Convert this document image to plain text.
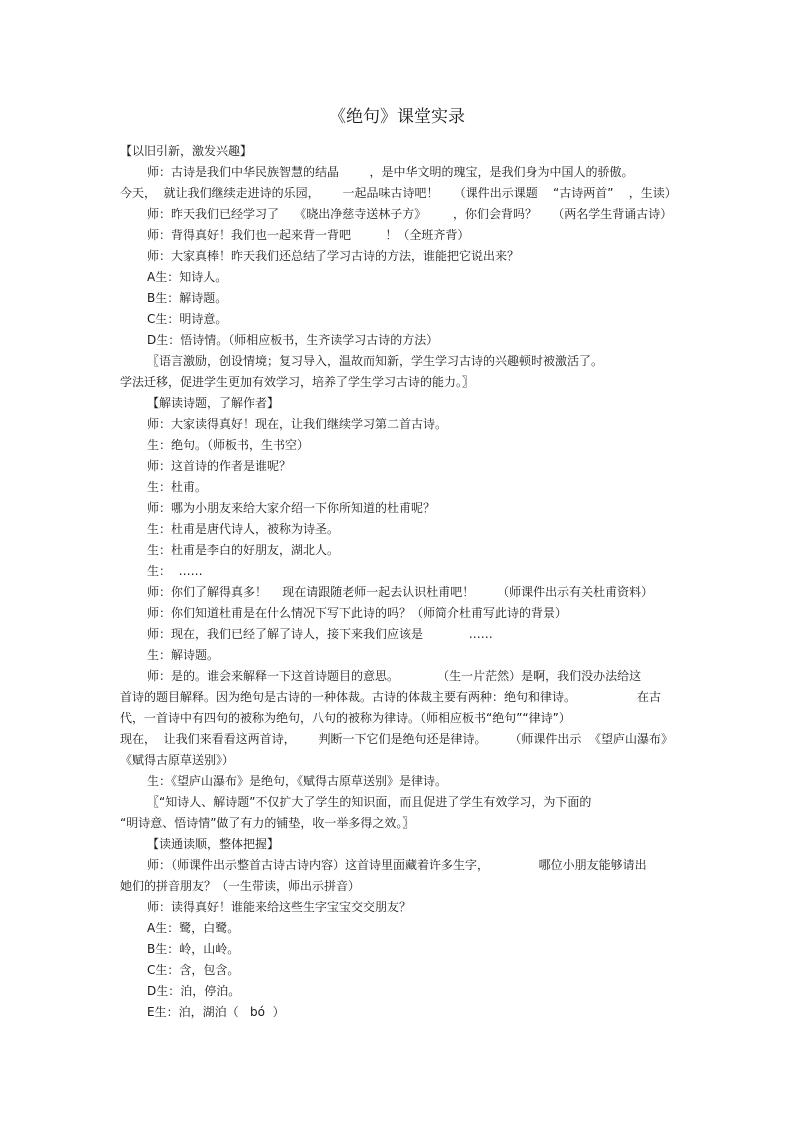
《绝句》课堂实录
【以旧引新，激发兴趣】
师：古诗是我们中华民族智慧的结晶        ，是中华文明的瑰宝，是我们身为中国人的骄傲。
今天，  就让我们继续走进诗的乐园，      一起品味古诗吧！    （课件出示课题    “古诗两首”    ，生读）
师：昨天我们已经学习了    《晓出净慈寺送林子方》       ，你们会背吗？    （两名学生背诵古诗）
师：背得真好！我们也一起来背一背吧         ！（全班齐背）
师：大家真棒！昨天我们还总结了学习古诗的方法，谁能把它说出来？
A生：知诗人。
B生：解诗题。
C生：明诗意。
D生：悟诗情。（师相应板书，生齐读学习古诗的方法）
〖语言激励，创设情境；复习导入，温故而知新，学生学习古诗的兴趣顿时被激活了。
学法迁移，促进学生更加有效学习，培养了学生学习古诗的能力。〗
【解读诗题，了解作者】
师：大家读得真好！现在，让我们继续学习第二首古诗。
生：绝句。（师板书，生书空）
师：这首诗的作者是谁呢？
生：杜甫。
师：哪为小朋友来给大家介绍一下你所知道的杜甫呢？
生：杜甫是唐代诗人，被称为诗圣。
生：杜甫是李白的好朋友，湖北人。
生：  ……
师：你们了解得真多！    现在请跟随老师一起去认识杜甫吧！      （师课件出示有关杜甫资料）
师：你们知道杜甫是在什么情况下写下此诗的吗？（师简介杜甫写此诗的背景）
师：现在，我们已经了解了诗人，接下来我们应该是            ……
生：解诗题。
师：是的。谁会来解释一下这首诗题目的意思。          （生一片茫然）是啊，我们没办法给这
首诗的题目解释。因为绝句是古诗的一种体裁。古诗的体裁主要有两种：绝句和律诗。                在古
代，一首诗中有四句的被称为绝句，八句的被称为律诗。（师相应板书“绝句”“律诗”）
现在，  让我们来看看这两首诗，      判断一下它们是绝句还是律诗。      （师课件出示  《望庐山瀑布》
《赋得古原草送别》）
生：《望庐山瀑布》是绝句，《赋得古原草送别》是律诗。
〖“知诗人、解诗题”不仅扩大了学生的知识面，而且促进了学生有效学习，为下面的
“明诗意、悟诗情”做了有力的铺垫，收一举多得之效。〗
【读通读顺，整体把握】
师：（师课件出示整首古诗古诗内容）这首诗里面藏着许多生字，             哪位小朋友能够请出
她们的拼音朋友？（一生带读，师出示拼音）
师：读得真好！谁能来给这些生字宝宝交交朋友？
A生：鹭，白鹭。
B生：岭，山岭。
C生：含，包含。
D生：泊，停泊。
E生：泊，湖泊（   bó  ）
